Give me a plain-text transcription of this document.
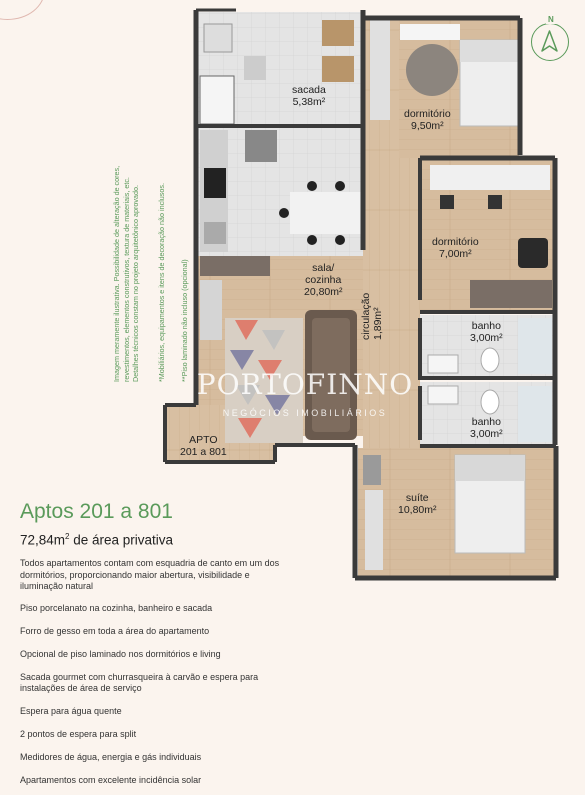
sacada
5,38m²
dormitório
9,50m²
dormitório
7,00m²
sala/
cozinha
20,80m²
circulação 1,89m²	banho
3,00m²
banho
3,00m²
suíte
10,80m²
APTO
201 a 801
PORTOFINNO
NEGÓCIOS IMOBILIÁRIOS
Imagem meramente ilustrativa. Possibilidade de alteração de cores, revestimentos, elementos construtivos, textura de materiais, etc. Detalhes técnicos constam no projeto arquitetônico aprovado. *Mobiliários, equipamentos e itens de decoração não inclusos. **Piso laminado não incluso (opcional)
N
Aptos 201 a 801
$72,84m^2$ de área privativa
Todos apartamentos contam com esquadria de canto em um dos dormitórios, proporcionando maior abertura, visibilidade e iluminação natural
Piso porcelanato na cozinha, banheiro e sacada
Forro de gesso em toda a área do apartamento
Opcional de piso laminado nos dormitórios e living
Sacada gourmet com churrasqueira à carvão e espera para instalações de área de serviço
Espera para água quente
2 pontos de espera para split
Medidores de água, energia e gás individuais
Apartamentos com excelente incidência solar
